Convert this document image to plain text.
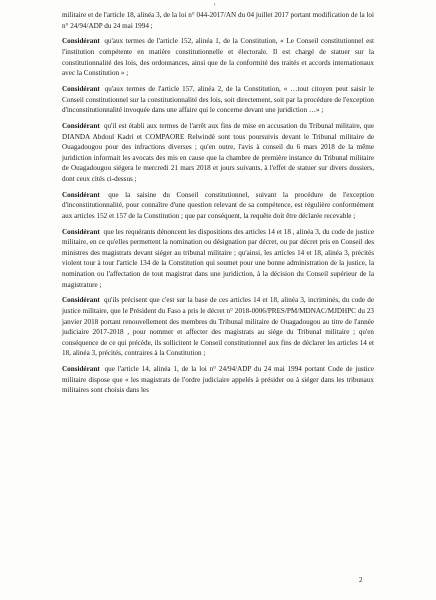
'

militaire et de l'article 18, alinéa 3, de la loi n° 044-2017/AN du 04 juillet 2017 portant modification de la loi n° 24/94/ADP du 24 mai 1994 ;

Considérant qu'aux termes de l'article 152, alinéa 1, de la Constitution, « Le Conseil constitutionnel est l'institution compétente en matière constitutionnelle et électorale. Il est chargé de statuer sur la constitutionnalité des lois, des ordonnances, ainsi que de la conformité des traités et accords internationaux avec la Constitution » ;

Considérant qu'aux termes de l'article 157, alinéa 2, de la Constitution, « …tout citoyen peut saisir le Conseil constitutionnel sur la constitutionnalité des lois, soit directement, soit par la procédure de l'exception d'inconstitutionnalité invoquée dans une affaire qui le concerne devant une juridiction …» ;

Considérant qu'il est établi aux termes de l'arrêt aux fins de mise en accusation du Tribunal militaire, que DIANDA Abdoul Kadri et COMPAORE Relwindé sont tous poursuivis devant le Tribunal militaire de Ouagadougou pour des infractions diverses ; qu'en outre, l'avis à conseil du 6 mars 2018 de la même juridiction informait les avocats des mis en cause que la chambre de première instance du Tribunal militaire de Ouagadougou siégera le mercredi 21 mars 2018 et jours suivants, à l'effet de statuer sur divers dossiers, dont ceux cités ci-dessus ;

Considérant que la saisine du Conseil constitutionnel, suivant la procédure de l'exception d'inconstitutionnalité, pour connaître d'une question relevant de sa compétence, est régulière conformément aux articles 152 et 157 de la Constitution ; que par conséquent, la requête doit être déclarée recevable ;

Considérant que les requérants dénoncent les dispositions des articles 14 et 18 , alinéa 3, du code de justice militaire, en ce qu'elles permettent la nomination ou désignation par décret, ou par décret pris en Conseil des ministres des magistrats devant siéger au tribunal militaire ; qu'ainsi, les articles 14 et 18, alinéa 3, précités violent tour à tour l'article 134 de la Constitution qui soumet pour une bonne administration de la justice, la nomination ou l'affectation de tout magistrat dans une juridiction, à la décision du Conseil supérieur de la magistrature ;

Considérant qu'ils précisent que c'est sur la base de ces articles 14 et 18, alinéa 3, incriminés, du code de justice militaire, que le Président du Faso a pris le décret n° 2018-0006/PRES/PM/MDNAC/MJDHPC du 23 janvier 2018 portant renouvellement des membres du Tribunal militaire de Ouagadougou au titre de l'année judiciaire 2017-2018 , pour nommer et affecter des magistrats au siège du Tribunal militaire ; qu'en conséquence de ce qui précède, ils sollicitent le Conseil constitutionnel aux fins de déclarer les articles 14 et 18, alinéa 3, précités, contraires à la Constitution ;

Considérant que l'article 14, alinéa 1, de la loi n° 24/94/ADP du 24 mai 1994 portant Code de justice militaire dispose que « les magistrats de l'ordre judiciaire appelés à présider ou à siéger dans les tribunaux militaires sont choisis dans les

2
